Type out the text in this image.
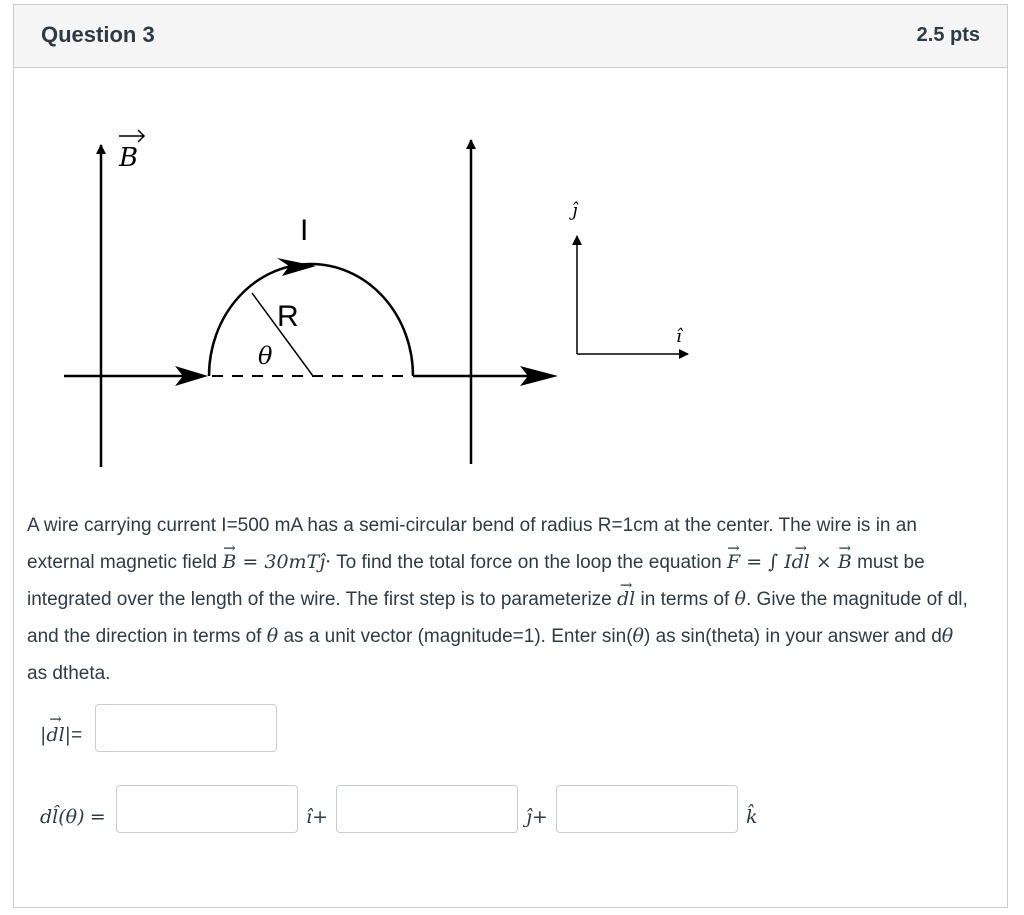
Question 3	2.5 pts
B
I
R
θ
ĵ
î

A wire carrying current I=500 mA has a semi-circular bend of radius R=1cm at the center. The wire is in an external magnetic field → B = 30mTĵ· To find the total force on the loop the equation → F = ∫ I→ dl × → B must be integrated over the length of the wire. The first step is to parameterize → dl in terms of θ. Give the magnitude of dl, and the direction in terms of θ as a unit vector (magnitude=1). Enter sin(θ) as sin(theta) in your answer and dθ as dtheta.

|→ dl|=
dl̂(θ) =	î+	ĵ+	k̂
